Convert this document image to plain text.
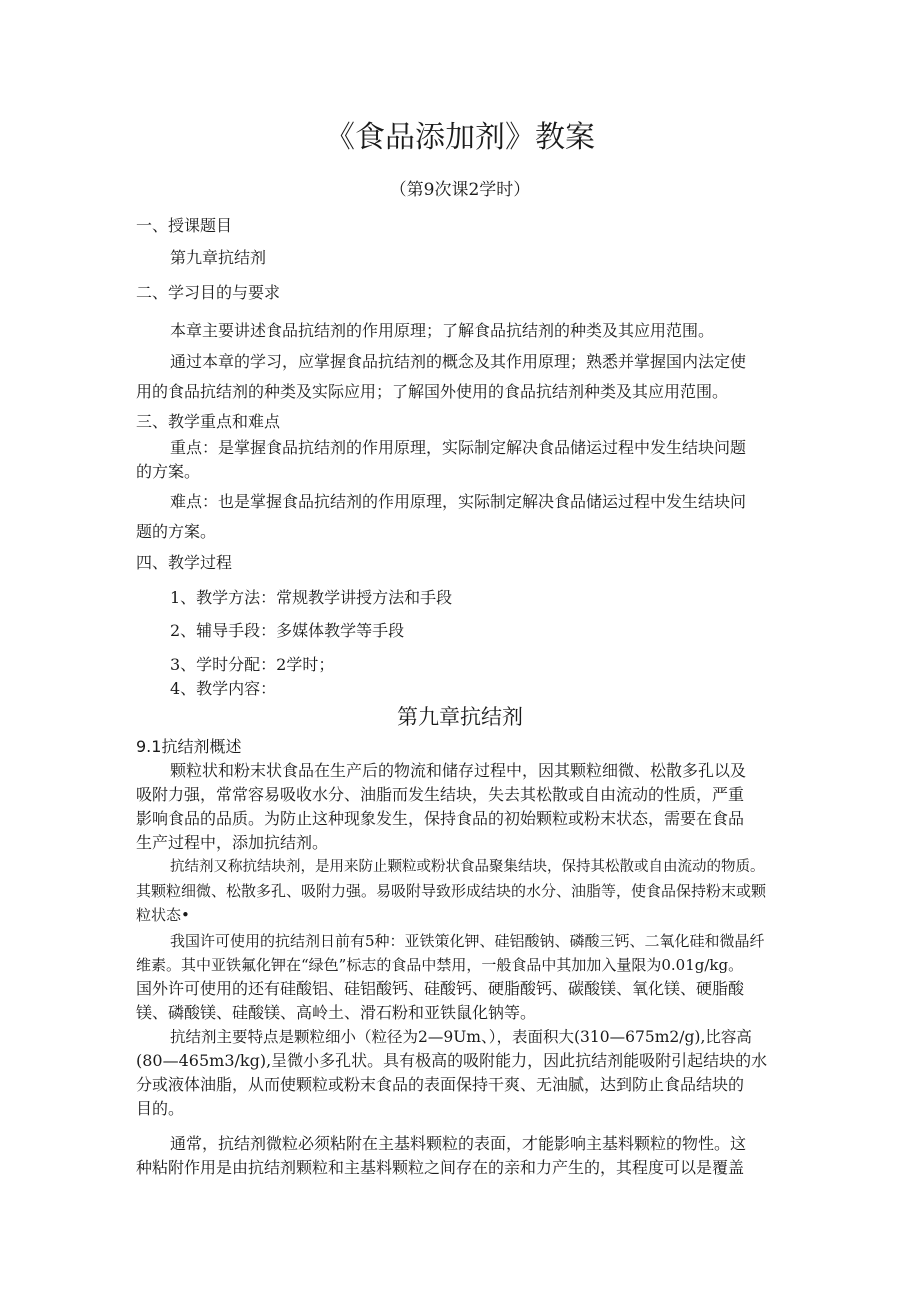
《食品添加剂》教案
（第9次课2学时）
一、授课题目
第九章抗结剂
二、学习目的与要求
本章主要讲述食品抗结剂的作用原理；了解食品抗结剂的种类及其应用范围。
通过本章的学习，应掌握食品抗结剂的概念及其作用原理；熟悉并掌握国内法定使
用的食品抗结剂的种类及实际应用；了解国外使用的食品抗结剂种类及其应用范围。
三、教学重点和难点
重点：是掌握食品抗结剂的作用原理，实际制定解决食品储运过程中发生结块问题
的方案。
难点：也是掌握食品抗结剂的作用原理，实际制定解决食品储运过程中发生结块问
题的方案。
四、教学过程
1、教学方法：常规教学讲授方法和手段
2、辅导手段：多媒体教学等手段
3、学时分配：2学时；
4、教学内容：
第九章抗结剂
9.1抗结剂概述
颗粒状和粉末状食品在生产后的物流和储存过程中，因其颗粒细微、松散多孔以及
吸附力强，常常容易吸收水分、油脂而发生结块，失去其松散或自由流动的性质，严重
影响食品的品质。为防止这种现象发生，保持食品的初始颗粒或粉末状态，需要在食品
生产过程中，添加抗结剂。
抗结剂又称抗结块剂，是用来防止颗粒或粉状食品聚集结块，保持其松散或自由流动的物质。
其颗粒细微、松散多孔、吸附力强。易吸附导致形成结块的水分、油脂等，使食品保持粉末或颗
粒状态•
我国许可使用的抗结剂日前有5种：亚铁策化钾、硅铝酸钠、磷酸三钙、二氧化硅和微晶纤
维素。其中亚铁氟化钾在“绿色”标志的食品中禁用，一般食品中其加加入量限为0.01g∕kg。
国外许可使用的还有硅酸铝、硅铝酸钙、硅酸钙、硬脂酸钙、碳酸镁、氧化镁、硬脂酸
镁、磷酸镁、硅酸镁、高岭土、滑石粉和亚铁鼠化钠等。
抗结剂主要特点是颗粒细小（粒径为2—9Um、），表面积大(310—675m2∕g),比容高
(80—465m3∕kg),呈微小多孔状。具有极高的吸附能力，因此抗结剂能吸附引起结块的水
分或液体油脂，从而使颗粒或粉末食品的表面保持干爽、无油腻，达到防止食品结块的
目的。
通常，抗结剂微粒必须粘附在主基料颗粒的表面，才能影响主基料颗粒的物性。这
种粘附作用是由抗结剂颗粒和主基料颗粒之间存在的亲和力产生的，其程度可以是覆盖
